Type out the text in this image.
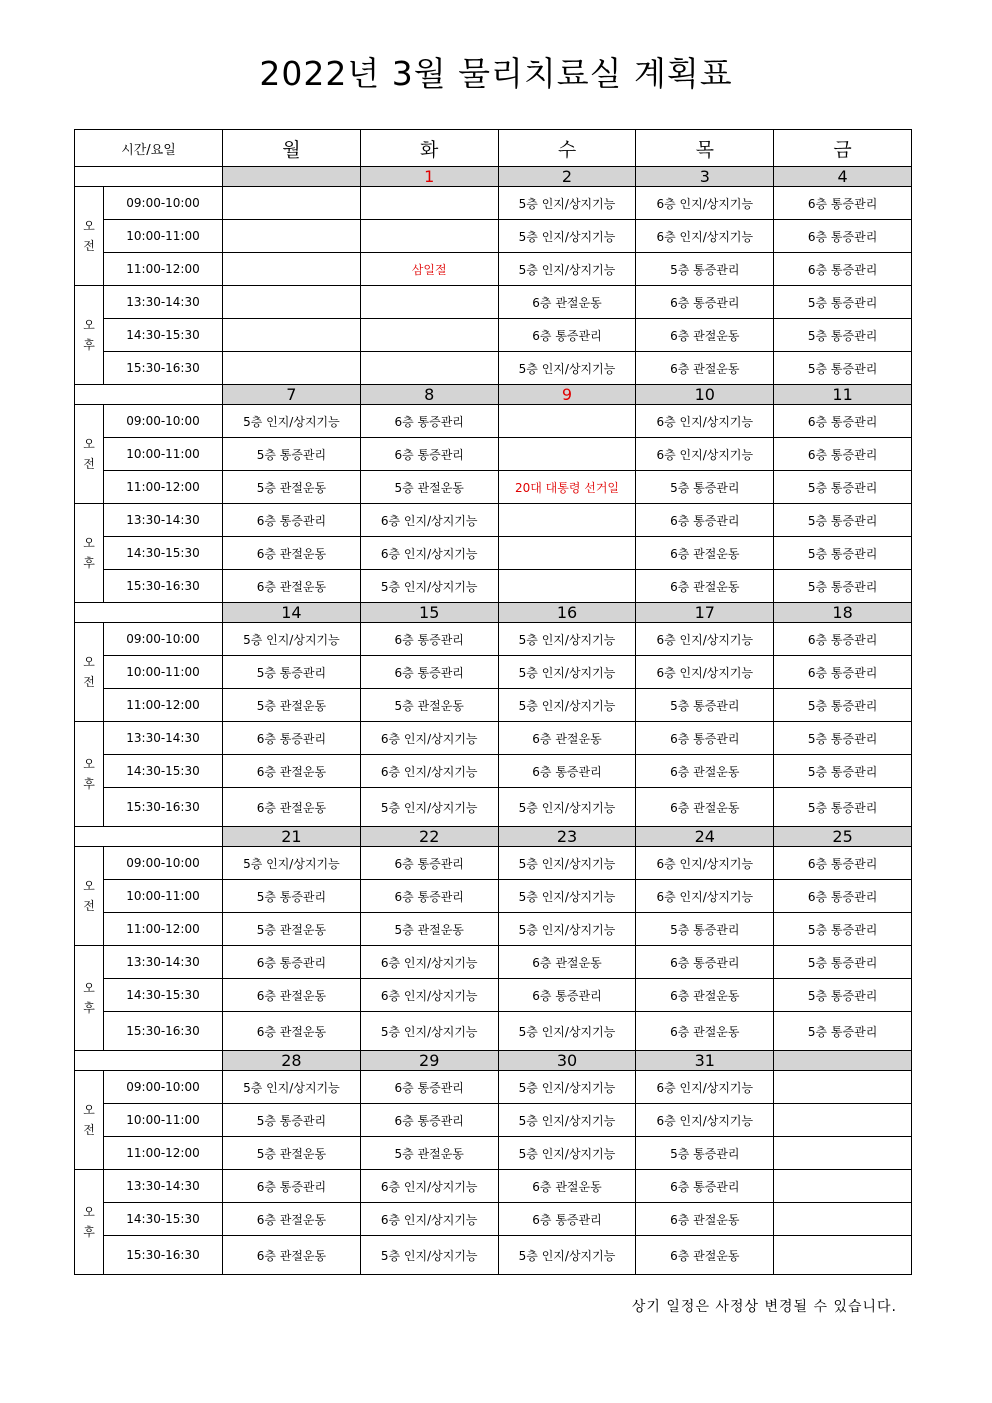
2022년 3월 물리치료실 계획표
시간/요일		월	화	수	목	금
			1	2	3	4

오
전	09:00-10:00			5층 인지/상지기능	6층 인지/상지기능	6층 통증관리
	10:00-11:00			5층 인지/상지기능	6층 인지/상지기능	6층 통증관리
	11:00-12:00		삼일절	5층 인지/상지기능	5층 통증관리	6층 통증관리

오
후	13:30-14:30			6층 관절운동	6층 통증관리	5층 통증관리
	14:30-15:30			6층 통증관리	6층 관절운동	5층 통증관리
	15:30-16:30			5층 인지/상지기능	6층 관절운동	5층 통증관리
		7	8	9	10	11

오
전	09:00-10:00	5층 인지/상지기능	6층 통증관리		6층 인지/상지기능	6층 통증관리
	10:00-11:00	5층 통증관리	6층 통증관리		6층 인지/상지기능	6층 통증관리
	11:00-12:00	5층 관절운동	5층 관절운동	20대 대통령 선거일	5층 통증관리	5층 통증관리

오
후	13:30-14:30	6층 통증관리	6층 인지/상지기능		6층 통증관리	5층 통증관리
	14:30-15:30	6층 관절운동	6층 인지/상지기능		6층 관절운동	5층 통증관리
	15:30-16:30	6층 관절운동	5층 인지/상지기능		6층 관절운동	5층 통증관리
		14	15	16	17	18

오
전	09:00-10:00	5층 인지/상지기능	6층 통증관리	5층 인지/상지기능	6층 인지/상지기능	6층 통증관리
	10:00-11:00	5층 통증관리	6층 통증관리	5층 인지/상지기능	6층 인지/상지기능	6층 통증관리
	11:00-12:00	5층 관절운동	5층 관절운동	5층 인지/상지기능	5층 통증관리	5층 통증관리

오
후	13:30-14:30	6층 통증관리	6층 인지/상지기능	6층 관절운동	6층 통증관리	5층 통증관리
	14:30-15:30	6층 관절운동	6층 인지/상지기능	6층 통증관리	6층 관절운동	5층 통증관리
	15:30-16:30	6층 관절운동	5층 인지/상지기능	5층 인지/상지기능	6층 관절운동	5층 통증관리
		21	22	23	24	25

오
전	09:00-10:00	5층 인지/상지기능	6층 통증관리	5층 인지/상지기능	6층 인지/상지기능	6층 통증관리
	10:00-11:00	5층 통증관리	6층 통증관리	5층 인지/상지기능	6층 인지/상지기능	6층 통증관리
	11:00-12:00	5층 관절운동	5층 관절운동	5층 인지/상지기능	5층 통증관리	5층 통증관리

오
후	13:30-14:30	6층 통증관리	6층 인지/상지기능	6층 관절운동	6층 통증관리	5층 통증관리
	14:30-15:30	6층 관절운동	6층 인지/상지기능	6층 통증관리	6층 관절운동	5층 통증관리
	15:30-16:30	6층 관절운동	5층 인지/상지기능	5층 인지/상지기능	6층 관절운동	5층 통증관리
		28	29	30	31	

오
전	09:00-10:00	5층 인지/상지기능	6층 통증관리	5층 인지/상지기능	6층 인지/상지기능	
	10:00-11:00	5층 통증관리	6층 통증관리	5층 인지/상지기능	6층 인지/상지기능	
	11:00-12:00	5층 관절운동	5층 관절운동	5층 인지/상지기능	5층 통증관리	

오
후	13:30-14:30	6층 통증관리	6층 인지/상지기능	6층 관절운동	6층 통증관리	
	14:30-15:30	6층 관절운동	6층 인지/상지기능	6층 통증관리	6층 관절운동	
	15:30-16:30	6층 관절운동	5층 인지/상지기능	5층 인지/상지기능	6층 관절운동	
상기 일정은 사정상 변경될 수 있습니다.
